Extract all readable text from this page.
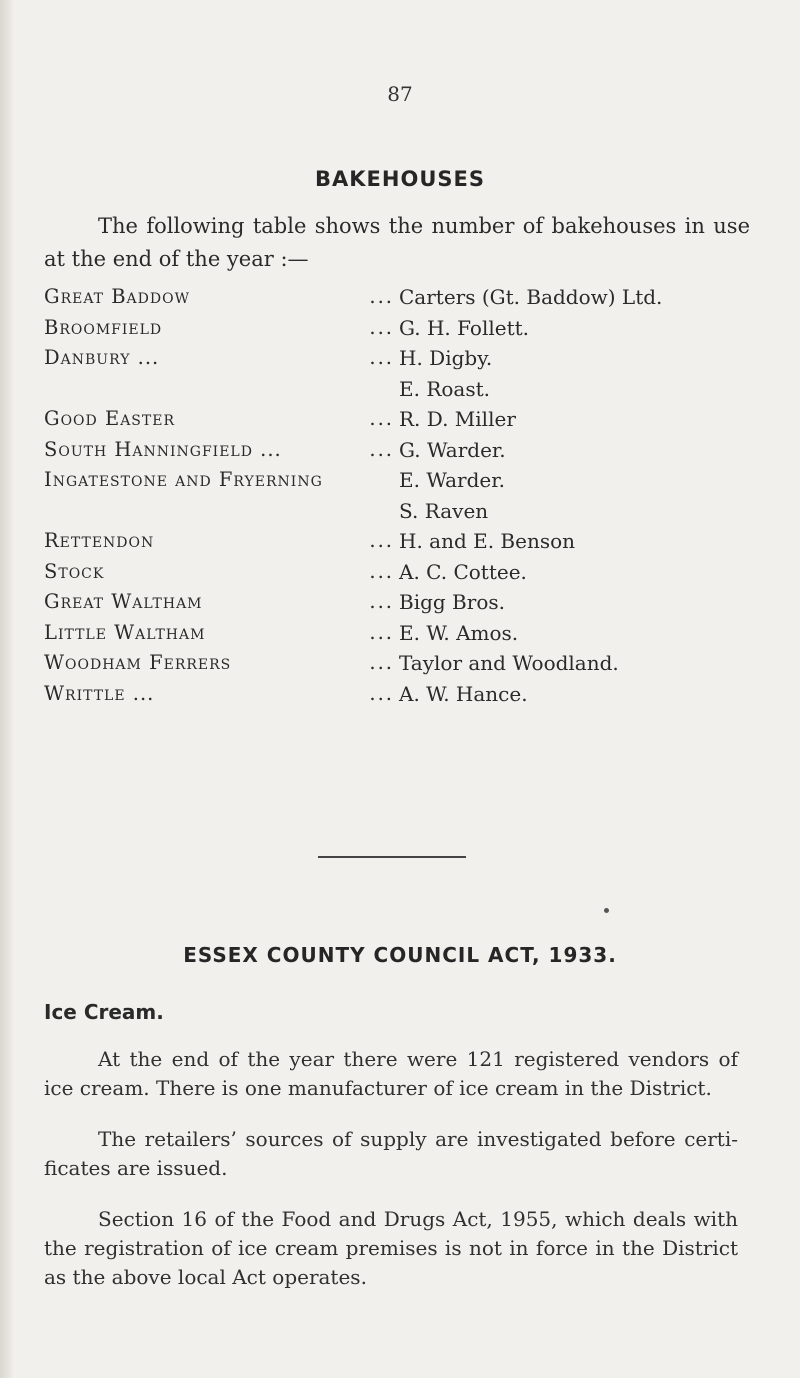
87
BAKEHOUSES
The following table shows the number of bakehouses in use at the end of the year :—
Great Baddow	... Carters (Gt. Baddow) Ltd.
Broomfield	... G. H. Follett.
Danbury ...	... H. Digby.
E. Roast.
Good Easter	... R. D. Miller
South Hanningfield ...	... G. Warder.
Ingatestone and Fryerning	E. Warder.
S. Raven
Rettendon	... H. and E. Benson
Stock	... A. C. Cottee.
Great Waltham	... Bigg Bros.
Little Waltham	... E. W. Amos.
Woodham Ferrers	... Taylor and Woodland.
Writtle ...	... A. W. Hance.
ESSEX COUNTY COUNCIL ACT, 1933.
Ice Cream.
At the end of the year there were 121 registered vendors of ice cream. There is one manufacturer of ice cream in the District.
The retailers’ sources of supply are investigated before certi- ficates are issued.
Section 16 of the Food and Drugs Act, 1955, which deals with the registration of ice cream premises is not in force in the District as the above local Act operates.
